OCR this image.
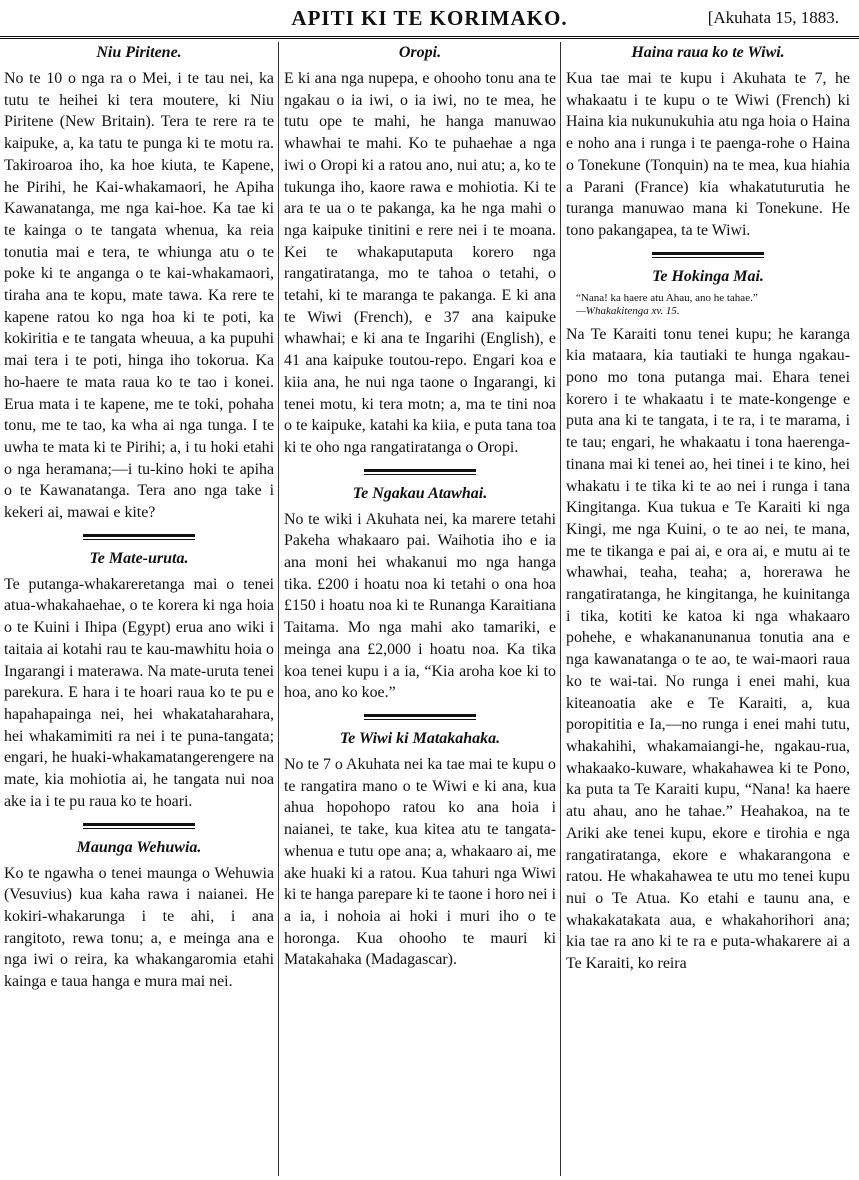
APITI KI TE KORIMAKO.	[Akuhata 15, 1883.
Niu Piritene.

No te 10 o nga ra o Mei, i te tau nei, ka tutu te heihei ki tera moutere, ki Niu Piritene (New Britain). Tera te rere ra te kaipuke, a, ka tatu te punga ki te motu ra. Takiroaroa iho, ka hoe kiuta, te Kapene, he Pirihi, he Kai-whakamaori, he Apiha Kawanatanga, me nga kai-hoe. Ka tae ki te kainga o te tangata whenua, ka reia tonutia mai e tera, te whiunga atu o te poke ki te anganga o te kai-whakamaori, tiraha ana te kopu, mate tawa. Ka rere te kapene ratou ko nga hoa ki te poti, ka kokiritia e te tangata wheuua, a ka pupuhi mai tera i te poti, hinga iho tokorua. Ka ho-haere te mata raua ko te tao i konei. Erua mata i te kapene, me te toki, pohaha tonu, me te tao, ka wha ai nga tunga. I te uwha te mata ki te Pirihi; a, i tu hoki etahi o nga heramana;—i tu-kino hoki te apiha o te Kawanatanga. Tera ano nga take i kekeri ai, mawai e kite?

Te Mate-uruta.

Te putanga-whakareretanga mai o tenei atua-whakahaehae, o te korera ki nga hoia o te Kuini i Ihipa (Egypt) erua ano wiki i taitaia ai kotahi rau te kau-mawhitu hoia o Ingarangi i materawa. Na mate-uruta tenei parekura. E hara i te hoari raua ko te pu e hapahapainga nei, hei whakataharahara, hei whakamimiti ra nei i te puna-tangata; engari, he huaki-whakamatangerengere na mate, kia mohiotia ai, he tangata nui noa ake ia i te pu raua ko te hoari.

Maunga Wehuwia.

Ko te ngawha o tenei maunga o Wehuwia (Vesuvius) kua kaha rawa i naianei. He kokiri-whakarunga i te ahi, i ana rangitoto, rewa tonu; a, e meinga ana e nga iwi o reira, ka whakangaromia etahi kainga e taua hanga e mura mai nei.

Oropi.

E ki ana nga nupepa, e ohooho tonu ana te ngakau o ia iwi, o ia iwi, no te mea, he tutu ope te mahi, he hanga manuwao whawhai te mahi. Ko te puhaehae a nga iwi o Oropi ki a ratou ano, nui atu; a, ko te tukunga iho, kaore rawa e mohiotia. Ki te ara te ua o te pakanga, ka he nga mahi o nga kaipuke tinitini e rere nei i te moana. Kei te whakaputaputa korero nga rangatiratanga, mo te tahoa o tetahi, o tetahi, ki te maranga te pakanga. E ki ana te Wiwi (French), e 37 ana kaipuke whawhai; e ki ana te Ingarihi (English), e 41 ana kaipuke toutou-repo. Engari koa e kiia ana, he nui nga taone o Ingarangi, ki tenei motu, ki tera motn; a, ma te tini noa o te kaipuke, katahi ka kiia, e puta tana toa ki te oho nga rangatiratanga o Oropi.

Te Ngakau Atawhai.

No te wiki i Akuhata nei, ka marere tetahi Pakeha whakaaro pai. Waihotia iho e ia ana moni hei whakanui mo nga hanga tika. £200 i hoatu noa ki tetahi o ona hoa £150 i hoatu noa ki te Runanga Karaitiana Taitama. Mo nga mahi ako tamariki, e meinga ana £2,000 i hoatu noa. Ka tika koa tenei kupu i a ia, “Kia aroha koe ki to hoa, ano ko koe.”

Te Wiwi ki Matakahaka.

No te 7 o Akuhata nei ka tae mai te kupu o te rangatira mano o te Wiwi e ki ana, kua ahua hopohopo ratou ko ana hoia i naianei, te take, kua kitea atu te tangata-whenua e tutu ope ana; a, whakaaro ai, me ake huaki ki a ratou. Kua tahuri nga Wiwi ki te hanga parepare ki te taone i horo nei i a ia, i nohoia ai hoki i muri iho o te horonga. Kua ohooho te mauri ki Matakahaka (Madagascar).

Haina raua ko te Wiwi.

Kua tae mai te kupu i Akuhata te 7, he whakaatu i te kupu o te Wiwi (French) ki Haina kia nukunukuhia atu nga hoia o Haina e noho ana i runga i te paenga-rohe o Haina o Tonekune (Tonquin) na te mea, kua hiahia a Parani (France) kia whakatuturutia he turanga manuwao mana ki Tonekune. He tono pakangapea, ta te Wiwi.

Te Hokinga Mai.
“Nana! ka haere atu Ahau, ano he tahae.”
—Whakakitenga xv. 15.

Na Te Karaiti tonu tenei kupu; he karanga kia mataara, kia tautiaki te hunga ngakau-pono mo tona putanga mai. Ehara tenei korero i te whakaatu i te mate-kongenge e puta ana ki te tangata, i te ra, i te marama, i te tau; engari, he whakaatu i tona haerenga-tinana mai ki tenei ao, hei tinei i te kino, hei whakatu i te tika ki te ao nei i runga i tana Kingitanga. Kua tukua e Te Karaiti ki nga Kingi, me nga Kuini, o te ao nei, te mana, me te tikanga e pai ai, e ora ai, e mutu ai te whawhai, teaha, teaha; a, horerawa he rangatiratanga, he kingitanga, he kuinitanga i tika, kotiti ke katoa ki nga whakaaro pohehe, e whakananunanua tonutia ana e nga kawanatanga o te ao, te wai-maori raua ko te wai-tai. No runga i enei mahi, kua kiteanoatia ake e Te Karaiti, a, kua poropititia e Ia,—no runga i enei mahi tutu, whakahihi, whakamaiangi-he, ngakau-rua, whakaako-kuware, whakahawea ki te Pono, ka puta ta Te Karaiti kupu, “Nana! ka haere atu ahau, ano he tahae.” Heahakoa, na te Ariki ake tenei kupu, ekore e tirohia e nga rangatiratanga, ekore e whakarangona e ratou. He whakahawea te utu mo tenei kupu nui o Te Atua. Ko etahi e taunu ana, e whakakatakata aua, e whakahorihori ana; kia tae ra ano ki te ra e puta-whakarere ai a Te Karaiti, ko reira
